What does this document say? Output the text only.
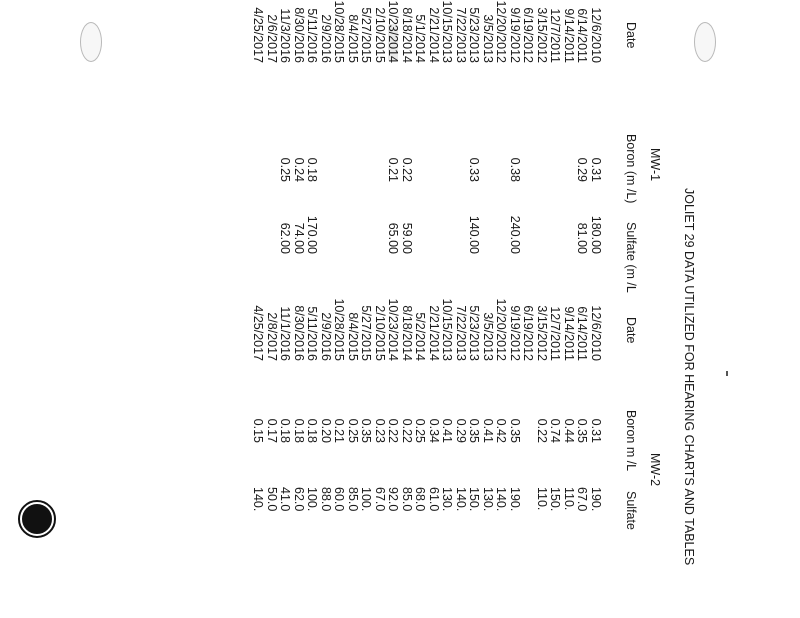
JOLIET 29 DATA UTILIZED FOR HEARING CHARTS AND TABLES
MW-1
MW-2
Date
Boron (m /L)
Sulfate (m /L
Date
Boron m /L
Sulfate
12/6/2010
0.31
180.00
6/14/2011
0.29
81.00
9/14/2011
12/7/2011
3/15/2012
6/19/2012
9/19/2012
0.38
240.00
12/20/2012
3/5/2013
5/23/2013
0.33
140.00
7/22/2013
10/15/2013
2/21/2014
5/1/2014
8/18/2014
0.22
59.00
10/23/2014
0.21
65.00
2/10/2015
5/27/2015
8/4/2015
10/28/2015
2/9/2016
5/11/2016
0.18
170.00
8/30/2016
0.24
74.00
11/3/2016
0.25
62.00
2/6/2017
4/25/2017
12/6/2010
0.31
190.
6/14/2011
0.35
67.0
9/14/2011
0.44
110.
12/7/2011
0.74
150.
3/15/2012
0.22
110.
6/19/2012
9/19/2012
0.35
190.
12/20/2012
0.42
140.
3/5/2013
0.41
130.
5/23/2013
0.35
150.
7/22/2013
0.29
140.
10/15/2013
0.41
130.
2/21/2014
0.34
61.0
5/2/2014
0.25
68.0
8/18/2014
0.22
85.0
10/23/2014
0.22
92.0
2/10/2015
0.23
67.0
5/27/2015
0.35
100.
8/4/2015
0.25
85.0
10/28/2015
0.21
60.0
2/9/2016
0.20
88.0
5/11/2016
0.18
100.
8/30/2016
0.18
62.0
11/1/2016
0.18
41.0
2/8/2017
0.17
50.0
4/25/2017
0.15
140.
